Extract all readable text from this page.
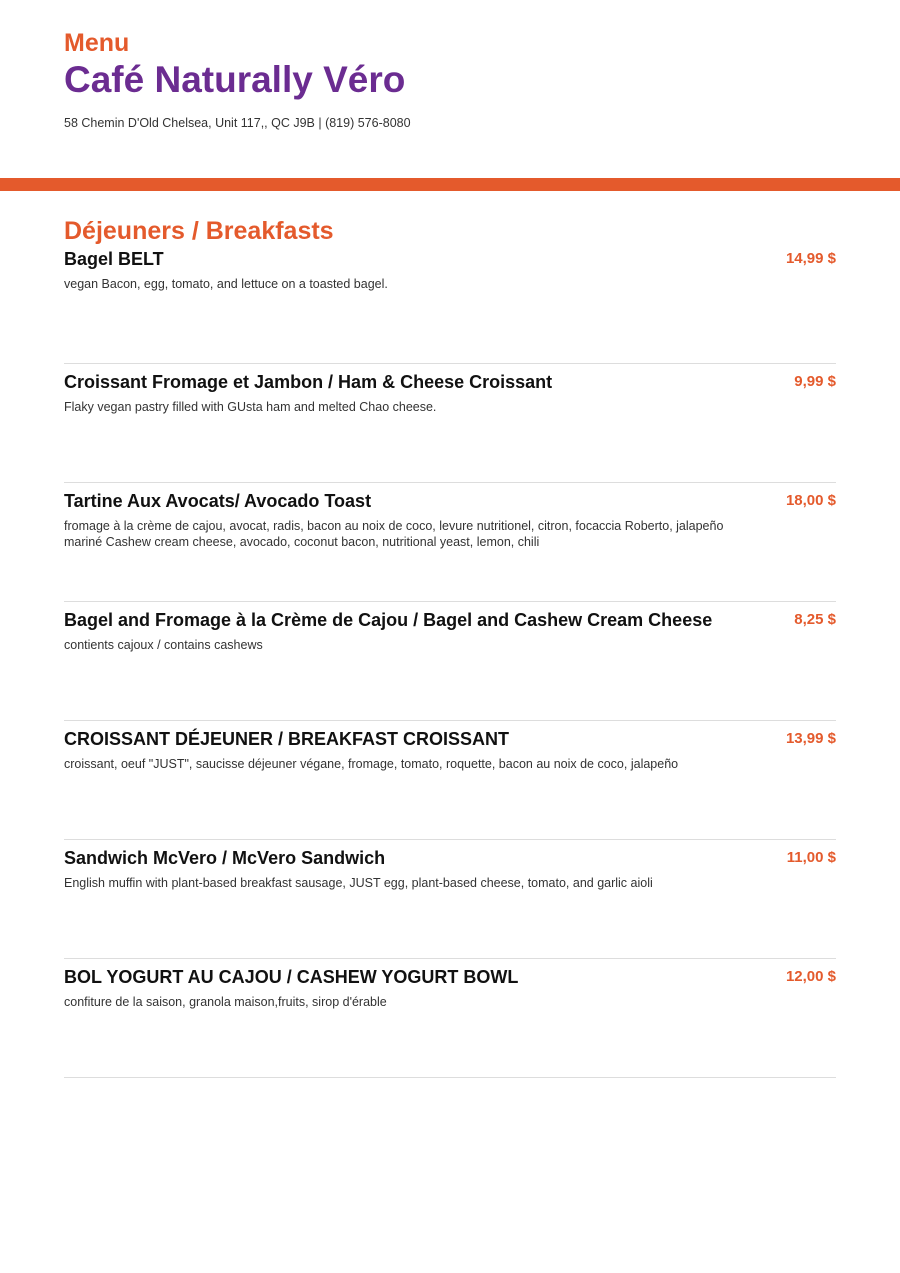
Menu
Café Naturally Véro
58 Chemin D'Old Chelsea, Unit 117,, QC J9B | (819) 576-8080
Déjeuners / Breakfasts
Bagel BELT	14,99 $
vegan Bacon, egg, tomato, and lettuce on a toasted bagel.
Croissant Fromage et Jambon / Ham & Cheese Croissant	9,99 $
Flaky vegan pastry filled with GUsta ham and melted Chao cheese.
Tartine Aux Avocats/ Avocado Toast	18,00 $
fromage à la crème de cajou, avocat, radis, bacon au noix de coco, levure nutritionel, citron, focaccia Roberto, jalapeño mariné Cashew cream cheese, avocado, coconut bacon, nutritional yeast, lemon, chili
Bagel and Fromage à la Crème de Cajou / Bagel and Cashew Cream Cheese	8,25 $
contients cajoux / contains cashews
CROISSANT DÉJEUNER / BREAKFAST CROISSANT	13,99 $
croissant, oeuf "JUST", saucisse déjeuner végane, fromage, tomato, roquette, bacon au noix de coco, jalapeño
Sandwich McVero / McVero Sandwich	11,00 $
English muffin with plant-based breakfast sausage, JUST egg, plant-based cheese, tomato, and garlic aioli
BOL YOGURT AU CAJOU / CASHEW YOGURT BOWL	12,00 $
confiture de la saison, granola maison,fruits, sirop d'érable
